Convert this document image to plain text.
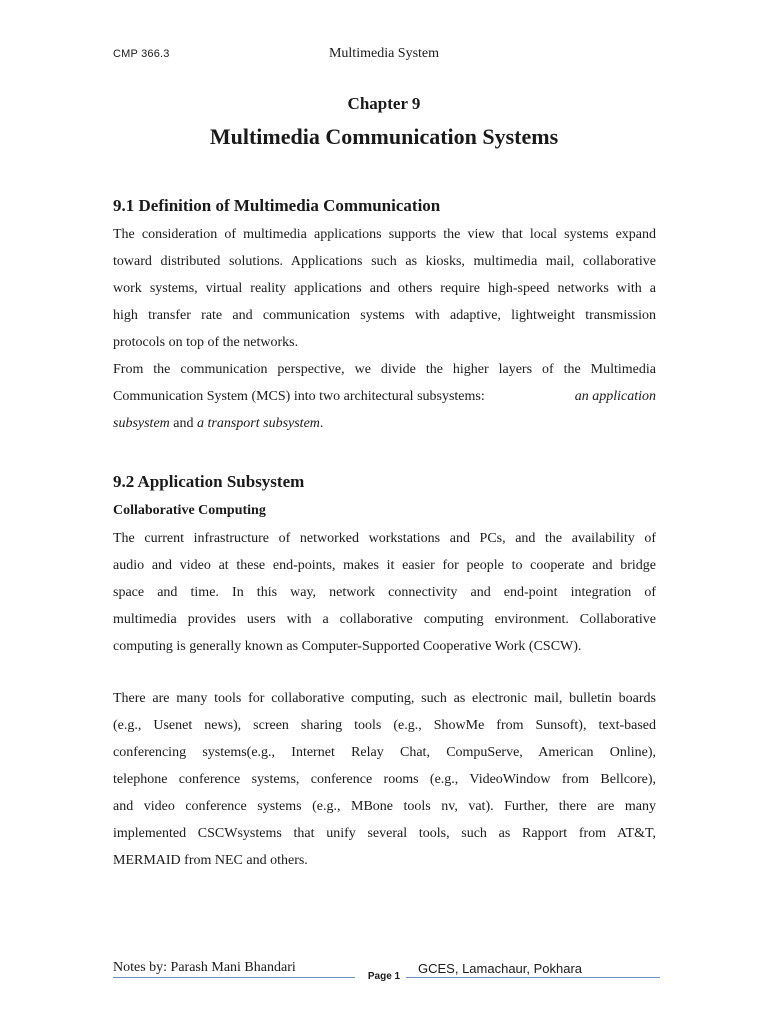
CMP 366.3	Multimedia System
Chapter 9
Multimedia Communication Systems
9.1 Definition of Multimedia Communication
The consideration of multimedia applications supports the view that local systems expand
toward distributed solutions. Applications such as kiosks, multimedia mail, collaborative
work systems, virtual reality applications and others require high-speed networks with a
high transfer rate and communication systems with adaptive, lightweight transmission
protocols on top of the networks.
From the communication perspective, we divide the higher layers of the Multimedia
Communication System (MCS) into two architectural subsystems:	an application
subsystem and a transport subsystem.
9.2 Application Subsystem
Collaborative Computing
The current infrastructure of networked workstations and PCs, and the availability of
audio and video at these end-points, makes it easier for people to cooperate and bridge
space and time. In this way, network connectivity and end-point integration of
multimedia provides users with a collaborative computing environment. Collaborative
computing is generally known as Computer-Supported Cooperative Work (CSCW).
There are many tools for collaborative computing, such as electronic mail, bulletin boards
(e.g., Usenet news), screen sharing tools (e.g., ShowMe from Sunsoft), text-based
conferencing systems(e.g., Internet Relay Chat, CompuServe, American Online),
telephone conference systems, conference rooms (e.g., VideoWindow from Bellcore),
and video conference systems (e.g., MBone tools nv, vat). Further, there are many
implemented CSCWsystems that unify several tools, such as Rapport from AT&T,
MERMAID from NEC and others.
Notes by: Parash Mani Bhandari
Page 1
GCES, Lamachaur, Pokhara
